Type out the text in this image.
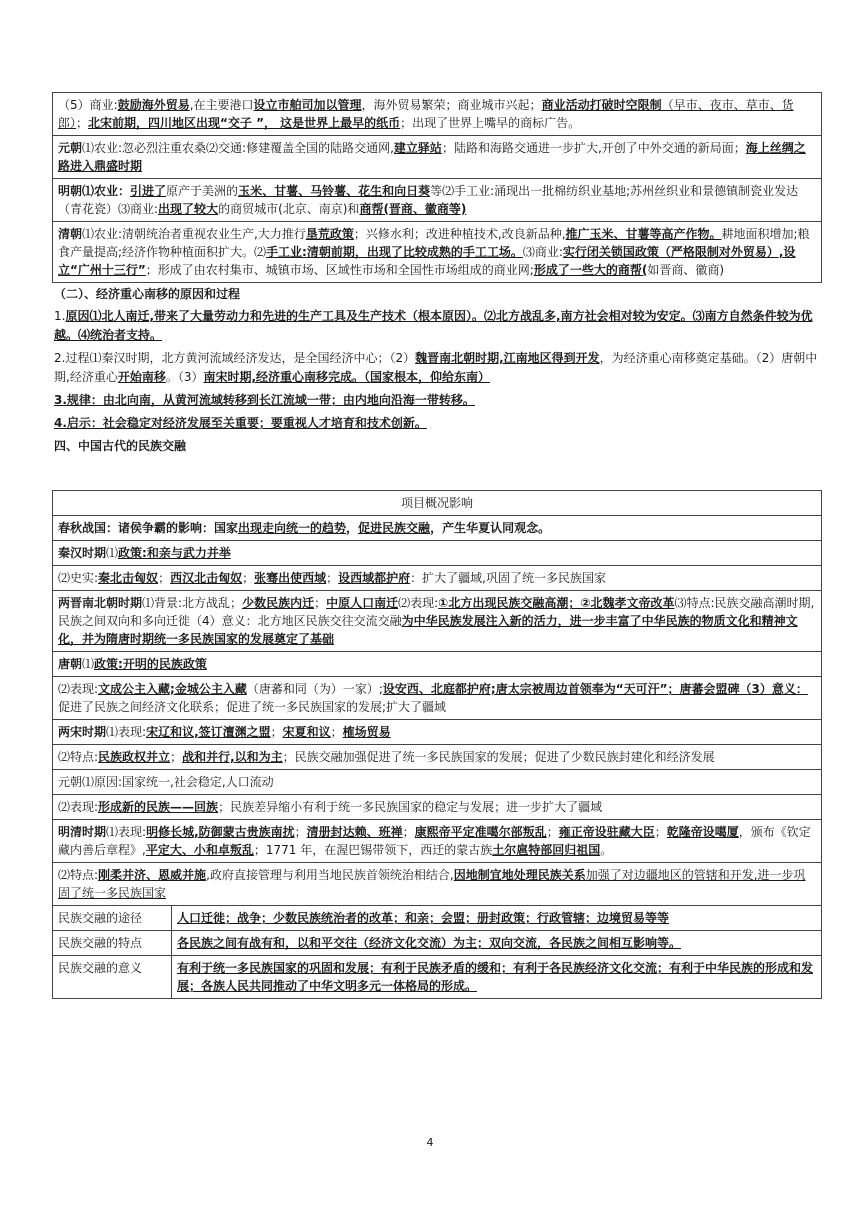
（5）商业:鼓励海外贸易,在主要港口设立市舶司加以管理，海外贸易繁荣；商业城市兴起；商业活动打破时空限制（早市、夜市、草市、货郎）；北宋前期，四川地区出现“交子 ”， 这是世界上最早的纸币；出现了世界上嘴早的商标广告。
元朝⑴农业:忽必烈注重农桑⑵交通:修建覆盖全国的陆路交通网,建立驿站；陆路和海路交通进一步扩大,开创了中外交通的新局面；海上丝绸之路进入鼎盛时期
明朝⑴农业：引进了原产于美洲的玉米、甘薯、马铃薯、花生和向日葵等⑵手工业:涌现出一批棉纺织业基地;苏州丝织业和景德镇制瓷业发达（青花瓷）⑶商业:出现了较大的商贸城市(北京、南京)和商帮(晋商、徽商等)
清朝⑴农业:清朝统治者重视农业生产,大力推行垦荒政策；兴修水利；改进种植技术,改良新品种,推广玉米、甘薯等高产作物。耕地面积增加;粮食产量提高;经济作物种植面积扩大。⑵手工业:清朝前期，出现了比较成熟的手工工场。⑶商业:实行闭关锁国政策（严格限制对外贸易）,设立“广州十三行”；形成了由农村集市、城镇市场、区域性市场和全国性市场组成的商业网;形成了一些大的商帮(如晋商、徽商)

（二）、经济重心南移的原因和过程

1.原因⑴北人南迁,带来了大量劳动力和先进的生产工具及生产技术（根本原因）。⑵北方战乱多,南方社会相对较为安定。⑶南方自然条件较为优越。⑷统治者支持。

2.过程⑴秦汉时期，北方黄河流域经济发达，是全国经济中心；（2）魏晋南北朝时期,江南地区得到开发，为经济重心南移奠定基础。（2）唐朝中期,经济重心开始南移。（3）南宋时期,经济重心南移完成。（国家根本，仰给东南）

3.规律：由北向南，从黄河流域转移到长江流域一带；由内地向沿海一带转移。

4.启示：社会稳定对经济发展至关重要；要重视人才培育和技术创新。

四、中国古代的民族交融

项目概况影响	
春秋战国：诸侯争霸的影响：国家出现走向统一的趋势，促进民族交融，产生华夏认同观念。	
秦汉时期⑴政策:和亲与武力并举	
⑵史实:秦北击匈奴；西汉北击匈奴；张骞出使西域；设西域都护府：扩大了疆域,巩固了统一多民族国家	
两晋南北朝时期⑴背景:北方战乱；少数民族内迁；中原人口南迁⑵表现:①北方出现民族交融高潮；②北魏孝文帝改革⑶特点:民族交融高潮时期,民族之间双向和多向迁徙（4）意义：北方地区民族交往交流交融为中华民族发展注入新的活力，进一步丰富了中华民族的物质文化和精神文化，并为隋唐时期统一多民族国家的发展奠定了基础	
唐朝⑴政策:开明的民族政策	
⑵表现:文成公主入藏;金城公主入藏（唐蕃和同（为）一家）;设安西、北庭都护府;唐太宗被周边首领奉为“天可汗”；唐蕃会盟碑（3）意义：促进了民族之间经济文化联系；促进了统一多民族国家的发展;扩大了疆域	
两宋时期⑴表现:宋辽和议,签订澶渊之盟；宋夏和议；榷场贸易	
⑵特点:民族政权并立；战和并行,以和为主；民族交融加强促进了统一多民族国家的发展；促进了少数民族封建化和经济发展	
元朝⑴原因:国家统一,社会稳定,人口流动	
⑵表现:形成新的民族——回族；民族差异缩小有利于统一多民族国家的稳定与发展；进一步扩大了疆域	
明清时期⑴表现:明修长城,防御蒙古贵族南扰；清册封达赖、班禅；康熙帝平定准噶尔部叛乱；雍正帝设驻藏大臣；乾隆帝设噶厦，颁布《钦定藏内善后章程》,平定大、小和卓叛乱；1771 年，在渥巴锡带领下，西迁的蒙古族土尔扈特部回归祖国。	
⑵特点:刚柔并济、恩威并施,政府直接管理与利用当地民族首领统治相结合,因地制宜地处理民族关系加强了对边疆地区的管辖和开发,进一步巩固了统一多民族国家	
民族交融的途径	人口迁徙；战争；少数民族统治者的改革；和亲；会盟；册封政策；行政管辖；边境贸易等等
民族交融的特点	各民族之间有战有和，以和平交往（经济文化交流）为主；双向交流，各民族之间相互影响等。
民族交融的意义	有利于统一多民族国家的巩固和发展；有利于民族矛盾的缓和；有利于各民族经济文化交流；有利于中华民族的形成和发展；各族人民共同推动了中华文明多元一体格局的形成。
4
